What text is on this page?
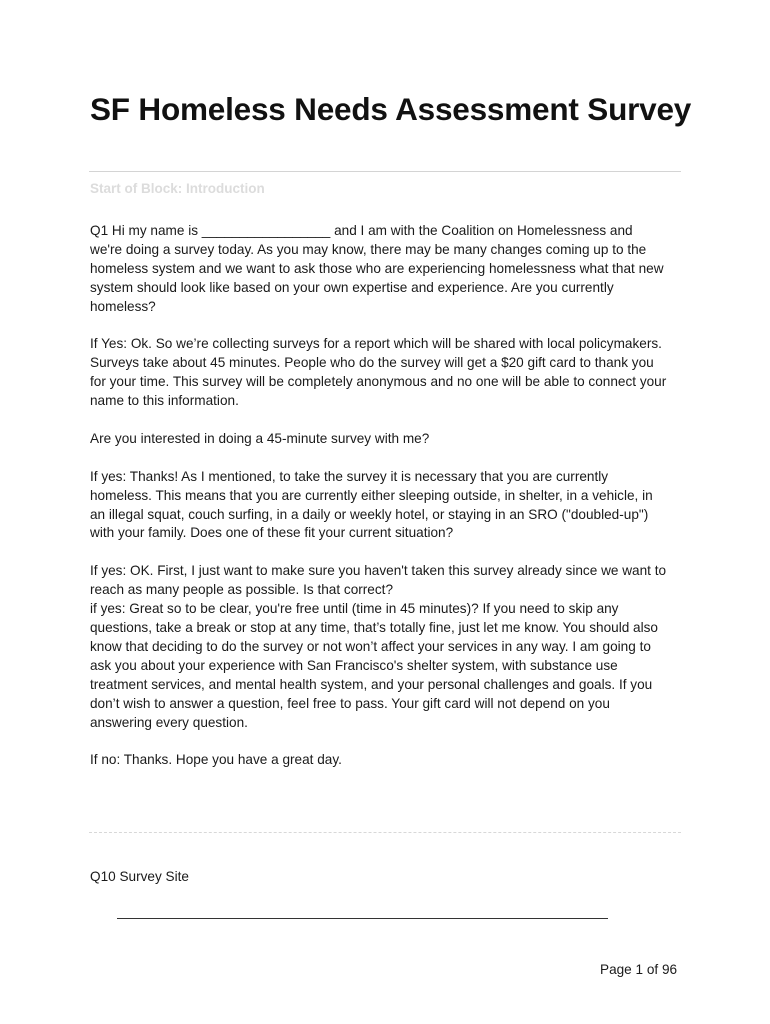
SF Homeless Needs Assessment Survey
Start of Block: Introduction

Q1 Hi my name is _________________ and I am with the Coalition on Homelessness and
we're doing a survey today. As you may know, there may be many changes coming up to the
homeless system and we want to ask those who are experiencing homelessness what that new
system should look like based on your own expertise and experience. Are you currently
homeless?

If Yes: Ok. So we’re collecting surveys for a report which will be shared with local policymakers.
Surveys take about 45 minutes. People who do the survey will get a $20 gift card to thank you
for your time. This survey will be completely anonymous and no one will be able to connect your
name to this information.

Are you interested in doing a 45-minute survey with me?

If yes: Thanks! As I mentioned, to take the survey it is necessary that you are currently
homeless. This means that you are currently either sleeping outside, in shelter, in a vehicle, in
an illegal squat, couch surfing, in a daily or weekly hotel, or staying in an SRO ("doubled-up")
with your family. Does one of these fit your current situation?

If yes: OK. First, I just want to make sure you haven't taken this survey already since we want to
reach as many people as possible. Is that correct?
if yes: Great so to be clear, you're free until (time in 45 minutes)? If you need to skip any
questions, take a break or stop at any time, that’s totally fine, just let me know. You should also
know that deciding to do the survey or not won’t affect your services in any way. I am going to
ask you about your experience with San Francisco's shelter system, with substance use
treatment services, and mental health system, and your personal challenges and goals. If you
don’t wish to answer a question, feel free to pass. Your gift card will not depend on you
answering every question.

If no: Thanks. Hope you have a great day.

Q10 Survey Site
Page 1 of 96
